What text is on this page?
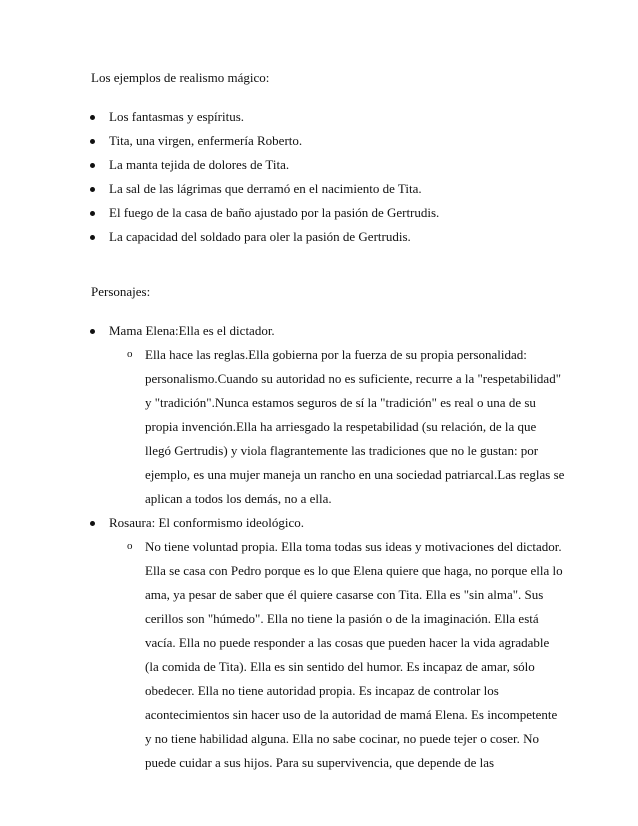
Los ejemplos de realismo mágico:
Los fantasmas y espíritus.
Tita, una virgen, enfermería Roberto.
La manta tejida de dolores de Tita.
La sal de las lágrimas que derramó en el nacimiento de Tita.
El fuego de la casa de baño ajustado por la pasión de Gertrudis.
La capacidad del soldado para oler la pasión de Gertrudis.
Personajes:
Mama Elena:Ella es el dictador.
o Ella hace las reglas.Ella gobierna por la fuerza de su propia personalidad:
personalismo.Cuando su autoridad no es suficiente, recurre a la "respetabilidad"
y "tradición".Nunca estamos seguros de sí la "tradición" es real o una de su
propia invención.Ella ha arriesgado la respetabilidad (su relación, de la que
llegó Gertrudis) y viola flagrantemente las tradiciones que no le gustan: por
ejemplo, es una mujer maneja un rancho en una sociedad patriarcal.Las reglas se
aplican a todos los demás, no a ella.
Rosaura: El conformismo ideológico.
o No tiene voluntad propia. Ella toma todas sus ideas y motivaciones del dictador.
Ella se casa con Pedro porque es lo que Elena quiere que haga, no porque ella lo
ama, ya pesar de saber que él quiere casarse con Tita. Ella es "sin alma". Sus
cerillos son "húmedo". Ella no tiene la pasión o de la imaginación. Ella está
vacía. Ella no puede responder a las cosas que pueden hacer la vida agradable
(la comida de Tita). Ella es sin sentido del humor. Es incapaz de amar, sólo
obedecer. Ella no tiene autoridad propia. Es incapaz de controlar los
acontecimientos sin hacer uso de la autoridad de mamá Elena. Es incompetente
y no tiene habilidad alguna. Ella no sabe cocinar, no puede tejer o coser. No
puede cuidar a sus hijos. Para su supervivencia, que depende de las
